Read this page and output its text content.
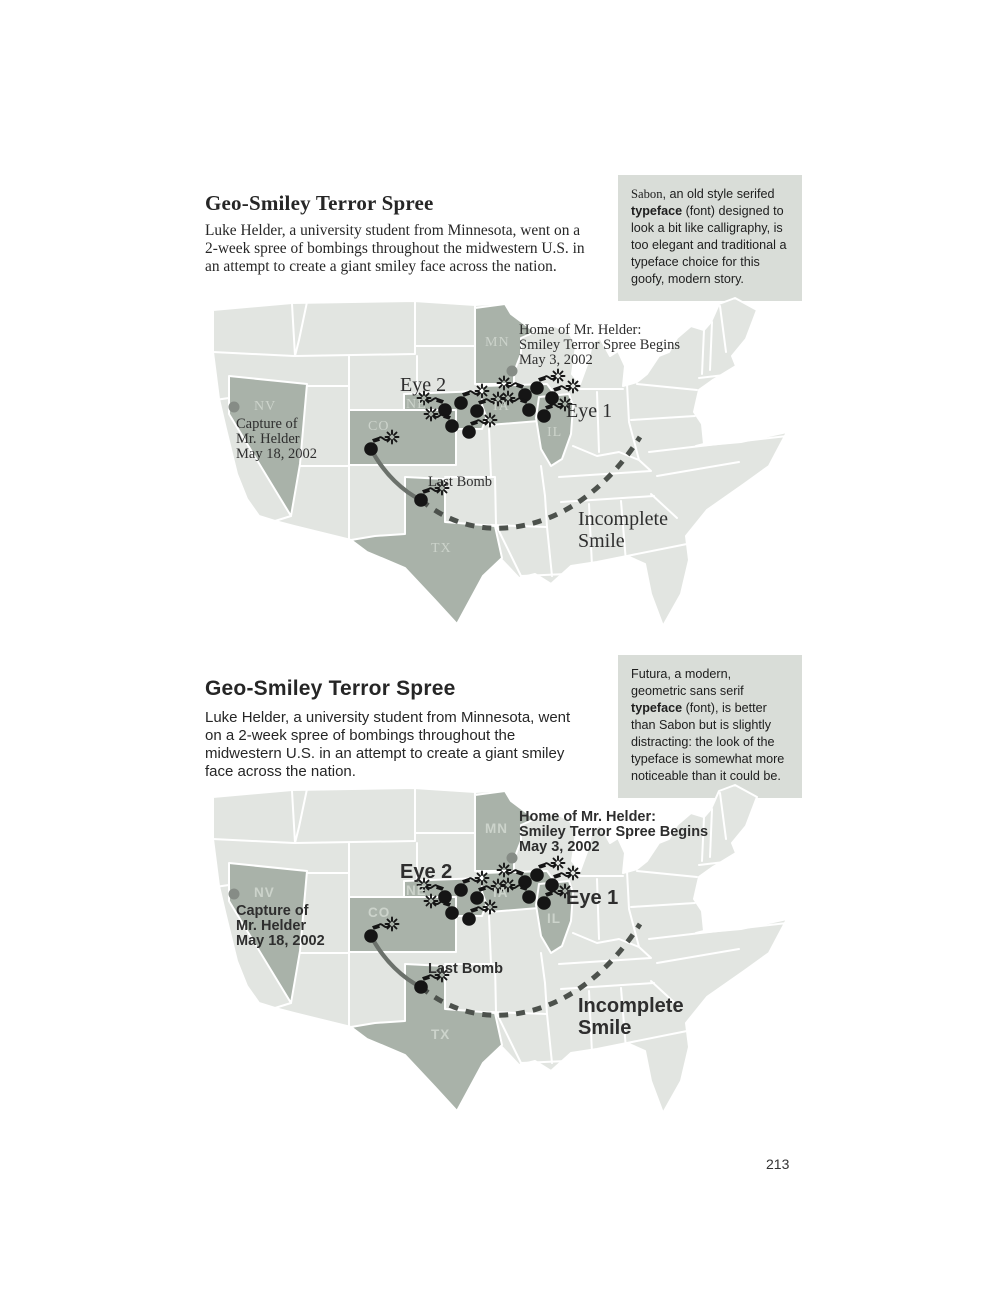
Geo-Smiley Terror Spree

Luke Helder, a university student from Minnesota, went on a 2-week spree of bombings throughout the midwestern U.S. in an attempt to create a giant smiley face across the nation.

Sabon, an old style serifed typeface (font) designed to look a bit like calligraphy, is too elegant and traditional a typeface choice for this goofy, modern story.
MN
NE	IA
IL
NV
CO
TX
Home of Mr. Helder:
Smiley Terror Spree Begins
May 3, 2002
Eye 2
Eye 1
Capture of
Mr. Helder
May 18, 2002
Last Bomb
Incomplete
Smile
Geo-Smiley Terror Spree

Luke Helder, a university student from Minnesota, went on a 2-week spree of bombings throughout the midwestern U.S. in an attempt to create a giant smiley face across the nation.

Futura, a modern, geometric sans serif typeface (font), is better than Sabon but is slightly distracting: the look of the typeface is somewhat more noticeable than it could be.
MN
NE	IA
IL
NV
CO
TX
Home of Mr. Helder:
Smiley Terror Spree Begins
May 3, 2002
Eye 2
Eye 1
Capture of
Mr. Helder
May 18, 2002
Last Bomb
Incomplete
Smile
213
